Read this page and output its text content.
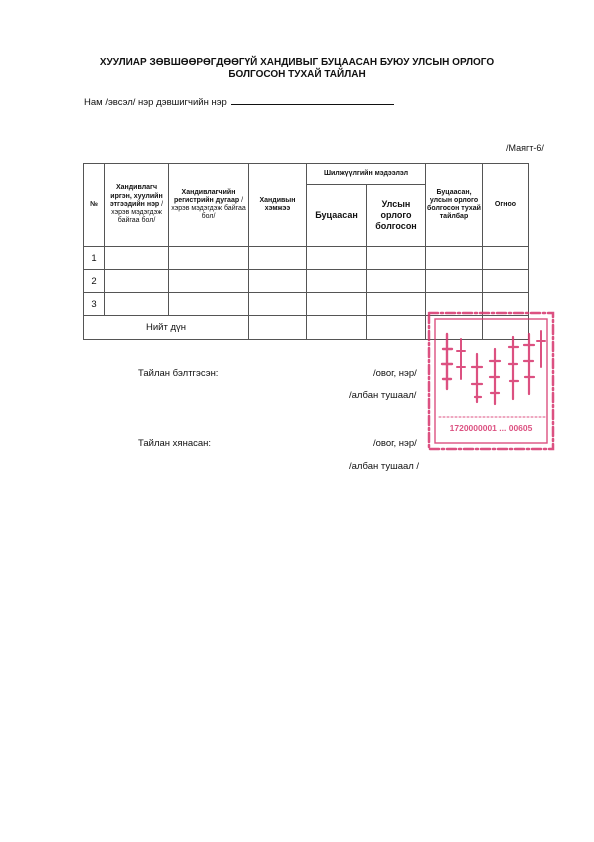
ХУУЛИАР ЗӨВШӨӨРӨГДӨӨГҮЙ ХАНДИВЫГ БУЦААСАН БУЮУ УЛСЫН ОРЛОГО
БОЛГОСОН ТУХАЙ ТАЙЛАН
Нам /эвсэл/ нэр дэвшигчийн нэр
/Маягт-6/
№	Хандивлагч иргэн, хуулийн этгээдийн нэр /хэрэв мэдэгдэж байгаа бол/	Хандивлагчийн регистрийн дугаар /хэрэв мэдэгдэж байгаа бол/	Хандивын хэмжээ	Шилжүүлгийн мэдээлэл		Буцаасан, улсын орлого болгосон тухай тайлбар	Огноо
				Буцаасан	Улсын орлого болгосон		
1							
2							
3							
Нийт дүн							
Тайлан бэлтгэсэн:	/овог, нэр/
/албан тушаал/
Тайлан хянасан:	/овог, нэр/
/албан тушаал /
1720000001 ... 00605
